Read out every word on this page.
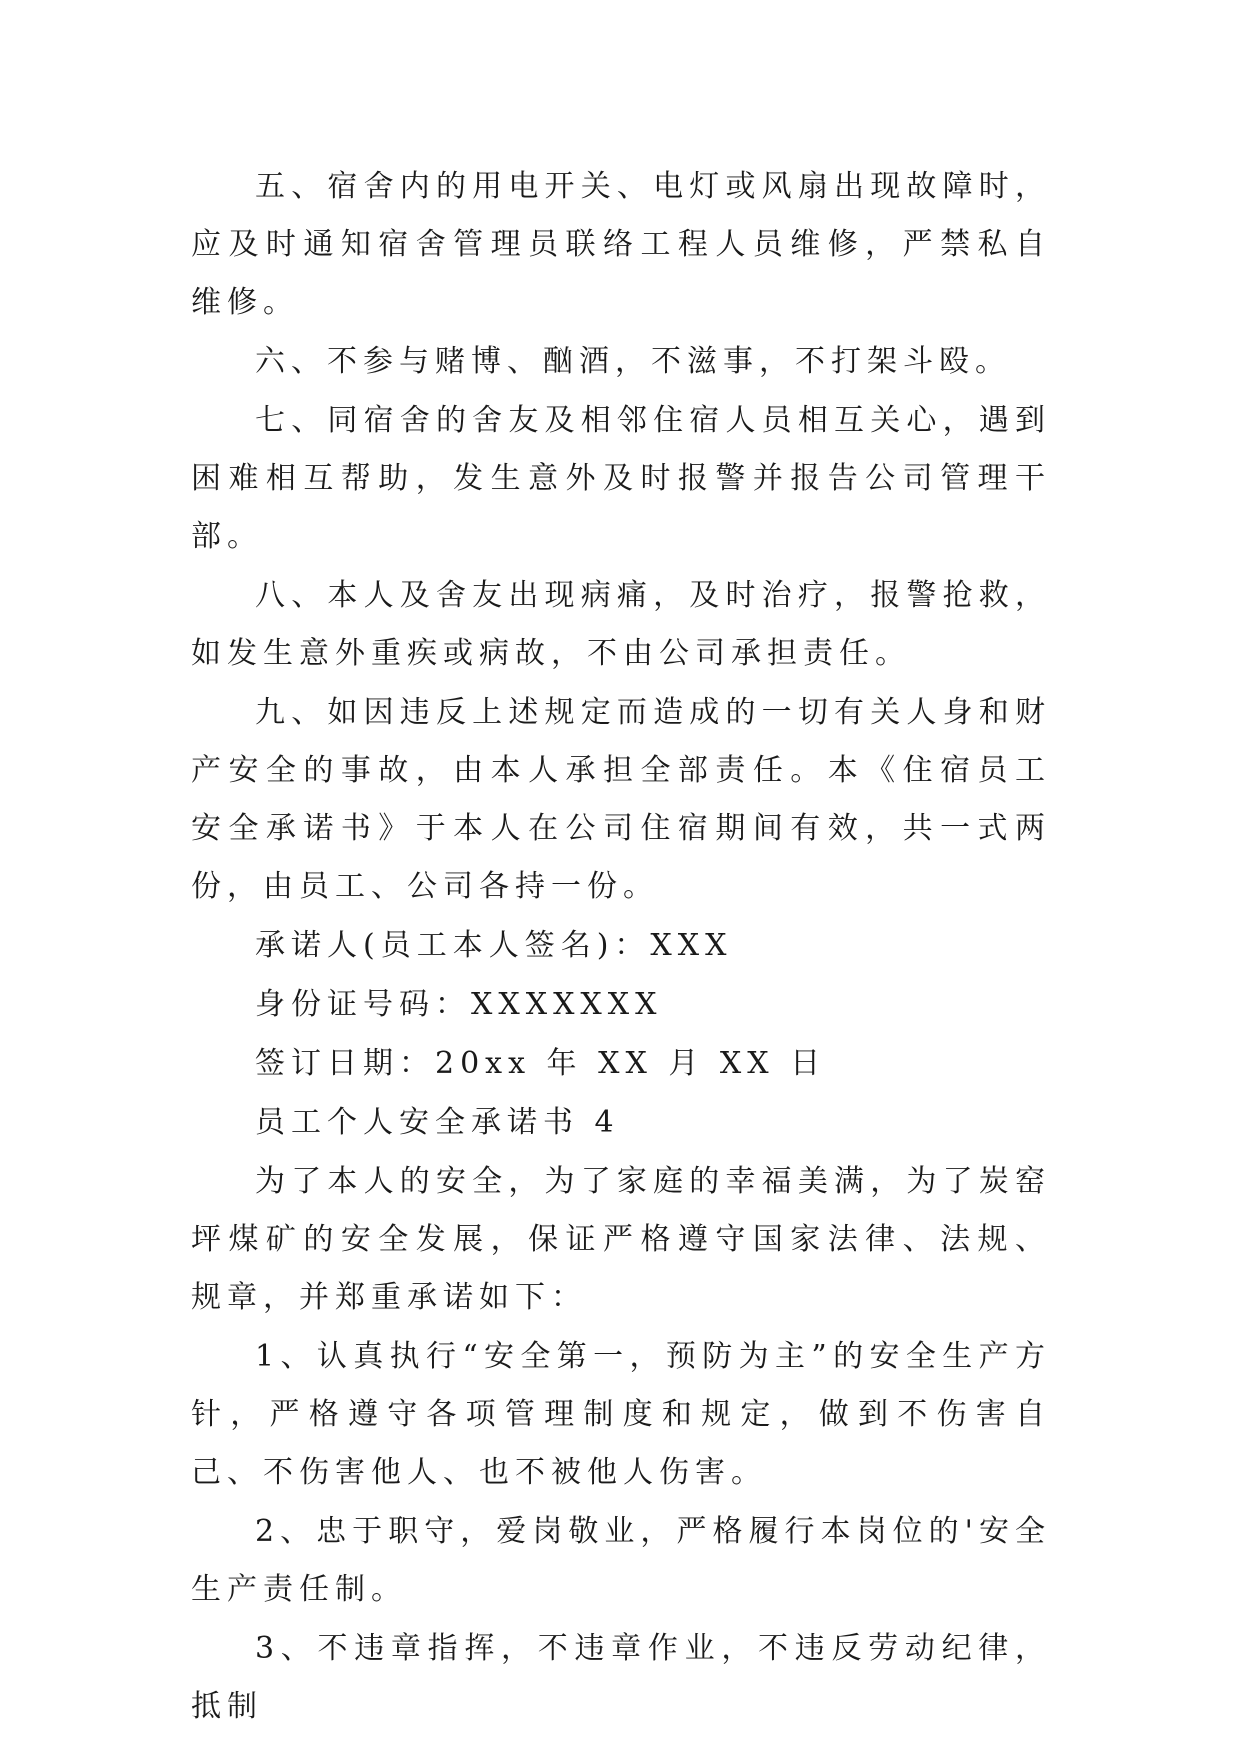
五、宿舍内的用电开关、电灯或风扇出现故障时，应及时通知宿舍管理员联络工程人员维修，严禁私自维修。

六、不参与赌博、酗酒，不滋事，不打架斗殴。

七、同宿舍的舍友及相邻住宿人员相互关心，遇到困难相互帮助，发生意外及时报警并报告公司管理干部。

八、本人及舍友出现病痛，及时治疗，报警抢救，如发生意外重疾或病故，不由公司承担责任。

九、如因违反上述规定而造成的一切有关人身和财产安全的事故，由本人承担全部责任。本《住宿员工安全承诺书》于本人在公司住宿期间有效，共一式两份，由员工、公司各持一份。

承诺人(员工本人签名)：XXX

身份证号码：XXXXXXX

签订日期：20xx 年 XX 月 XX 日

员工个人安全承诺书 4

为了本人的安全，为了家庭的幸福美满，为了炭窑坪煤矿的安全发展，保证严格遵守国家法律、法规、规章，并郑重承诺如下：

1、认真执行“安全第一，预防为主”的安全生产方针，严格遵守各项管理制度和规定，做到不伤害自己、不伤害他人、也不被他人伤害。

2、忠于职守，爱岗敬业，严格履行本岗位的'安全生产责任制。

3、不违章指挥，不违章作业，不违反劳动纪律，抵制
